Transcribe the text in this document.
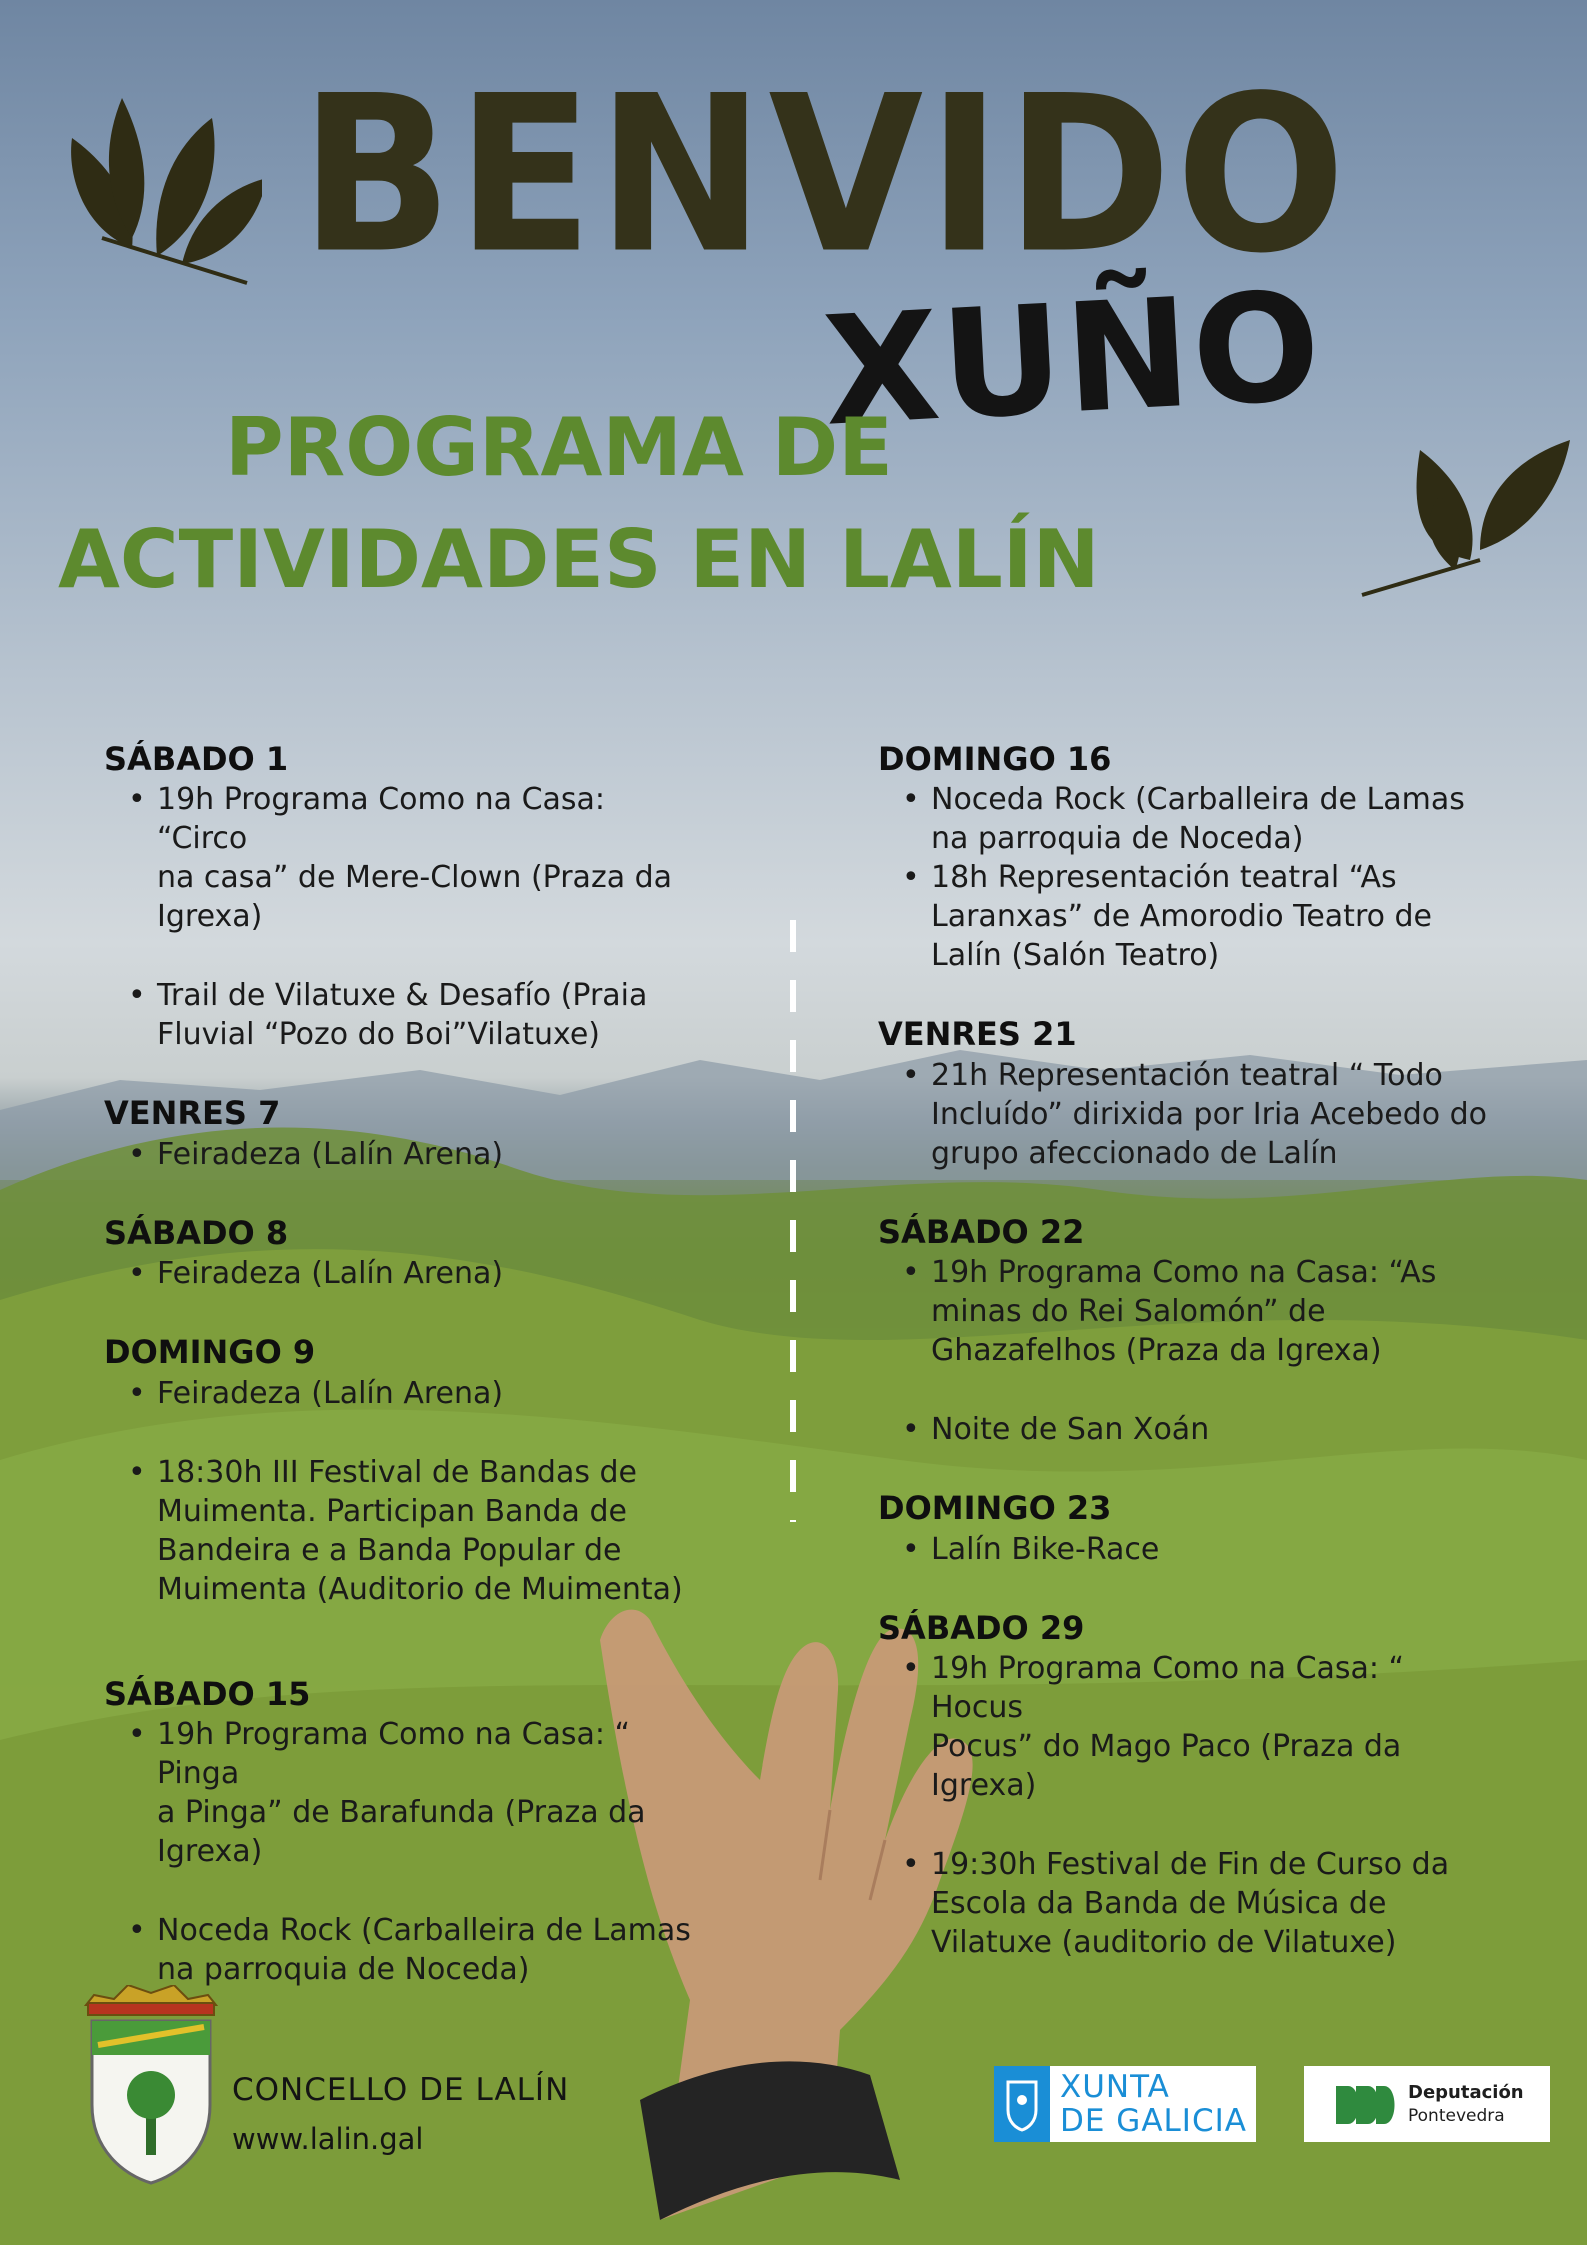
BENVIDO
XUÑO
PROGRAMA DE
ACTIVIDADES EN LALÍN
SÁBADO 1
• 19h Programa Como na Casa: “Circo
na casa” de Mere-Clown (Praza da
Igrexa)
• Trail de Vilatuxe & Desafío (Praia
Fluvial “Pozo do Boi”Vilatuxe)
VENRES 7
• Feiradeza (Lalín Arena)
SÁBADO 8
• Feiradeza (Lalín Arena)
DOMINGO 9
• Feiradeza (Lalín Arena)
• 18:30h III Festival de Bandas de
Muimenta. Participan Banda de
Bandeira e a Banda Popular de
Muimenta (Auditorio de Muimenta)
SÁBADO 15
• 19h Programa Como na Casa: “ Pinga
a Pinga” de Barafunda (Praza da
Igrexa)
• Noceda Rock (Carballeira de Lamas
na parroquia de Noceda)
DOMINGO 16
• Noceda Rock (Carballeira de Lamas
na parroquia de Noceda)
• 18h Representación teatral “As
Laranxas” de Amorodio Teatro de
Lalín (Salón Teatro)
VENRES 21
• 21h Representación teatral “ Todo
Incluído” dirixida por Iria Acebedo do
grupo afeccionado de Lalín
SÁBADO 22
• 19h Programa Como na Casa: “As
minas do Rei Salomón” de
Ghazafelhos (Praza da Igrexa)
• Noite de San Xoán
DOMINGO 23
• Lalín Bike-Race
SÁBADO 29
• 19h Programa Como na Casa: “ Hocus
Pocus” do Mago Paco (Praza da
Igrexa)
• 19:30h Festival de Fin de Curso da
Escola da Banda de Música de
Vilatuxe (auditorio de Vilatuxe)
CONCELLO DE LALÍN
www.lalin.gal
XUNTA
DE GALICIA
Deputación
Pontevedra
